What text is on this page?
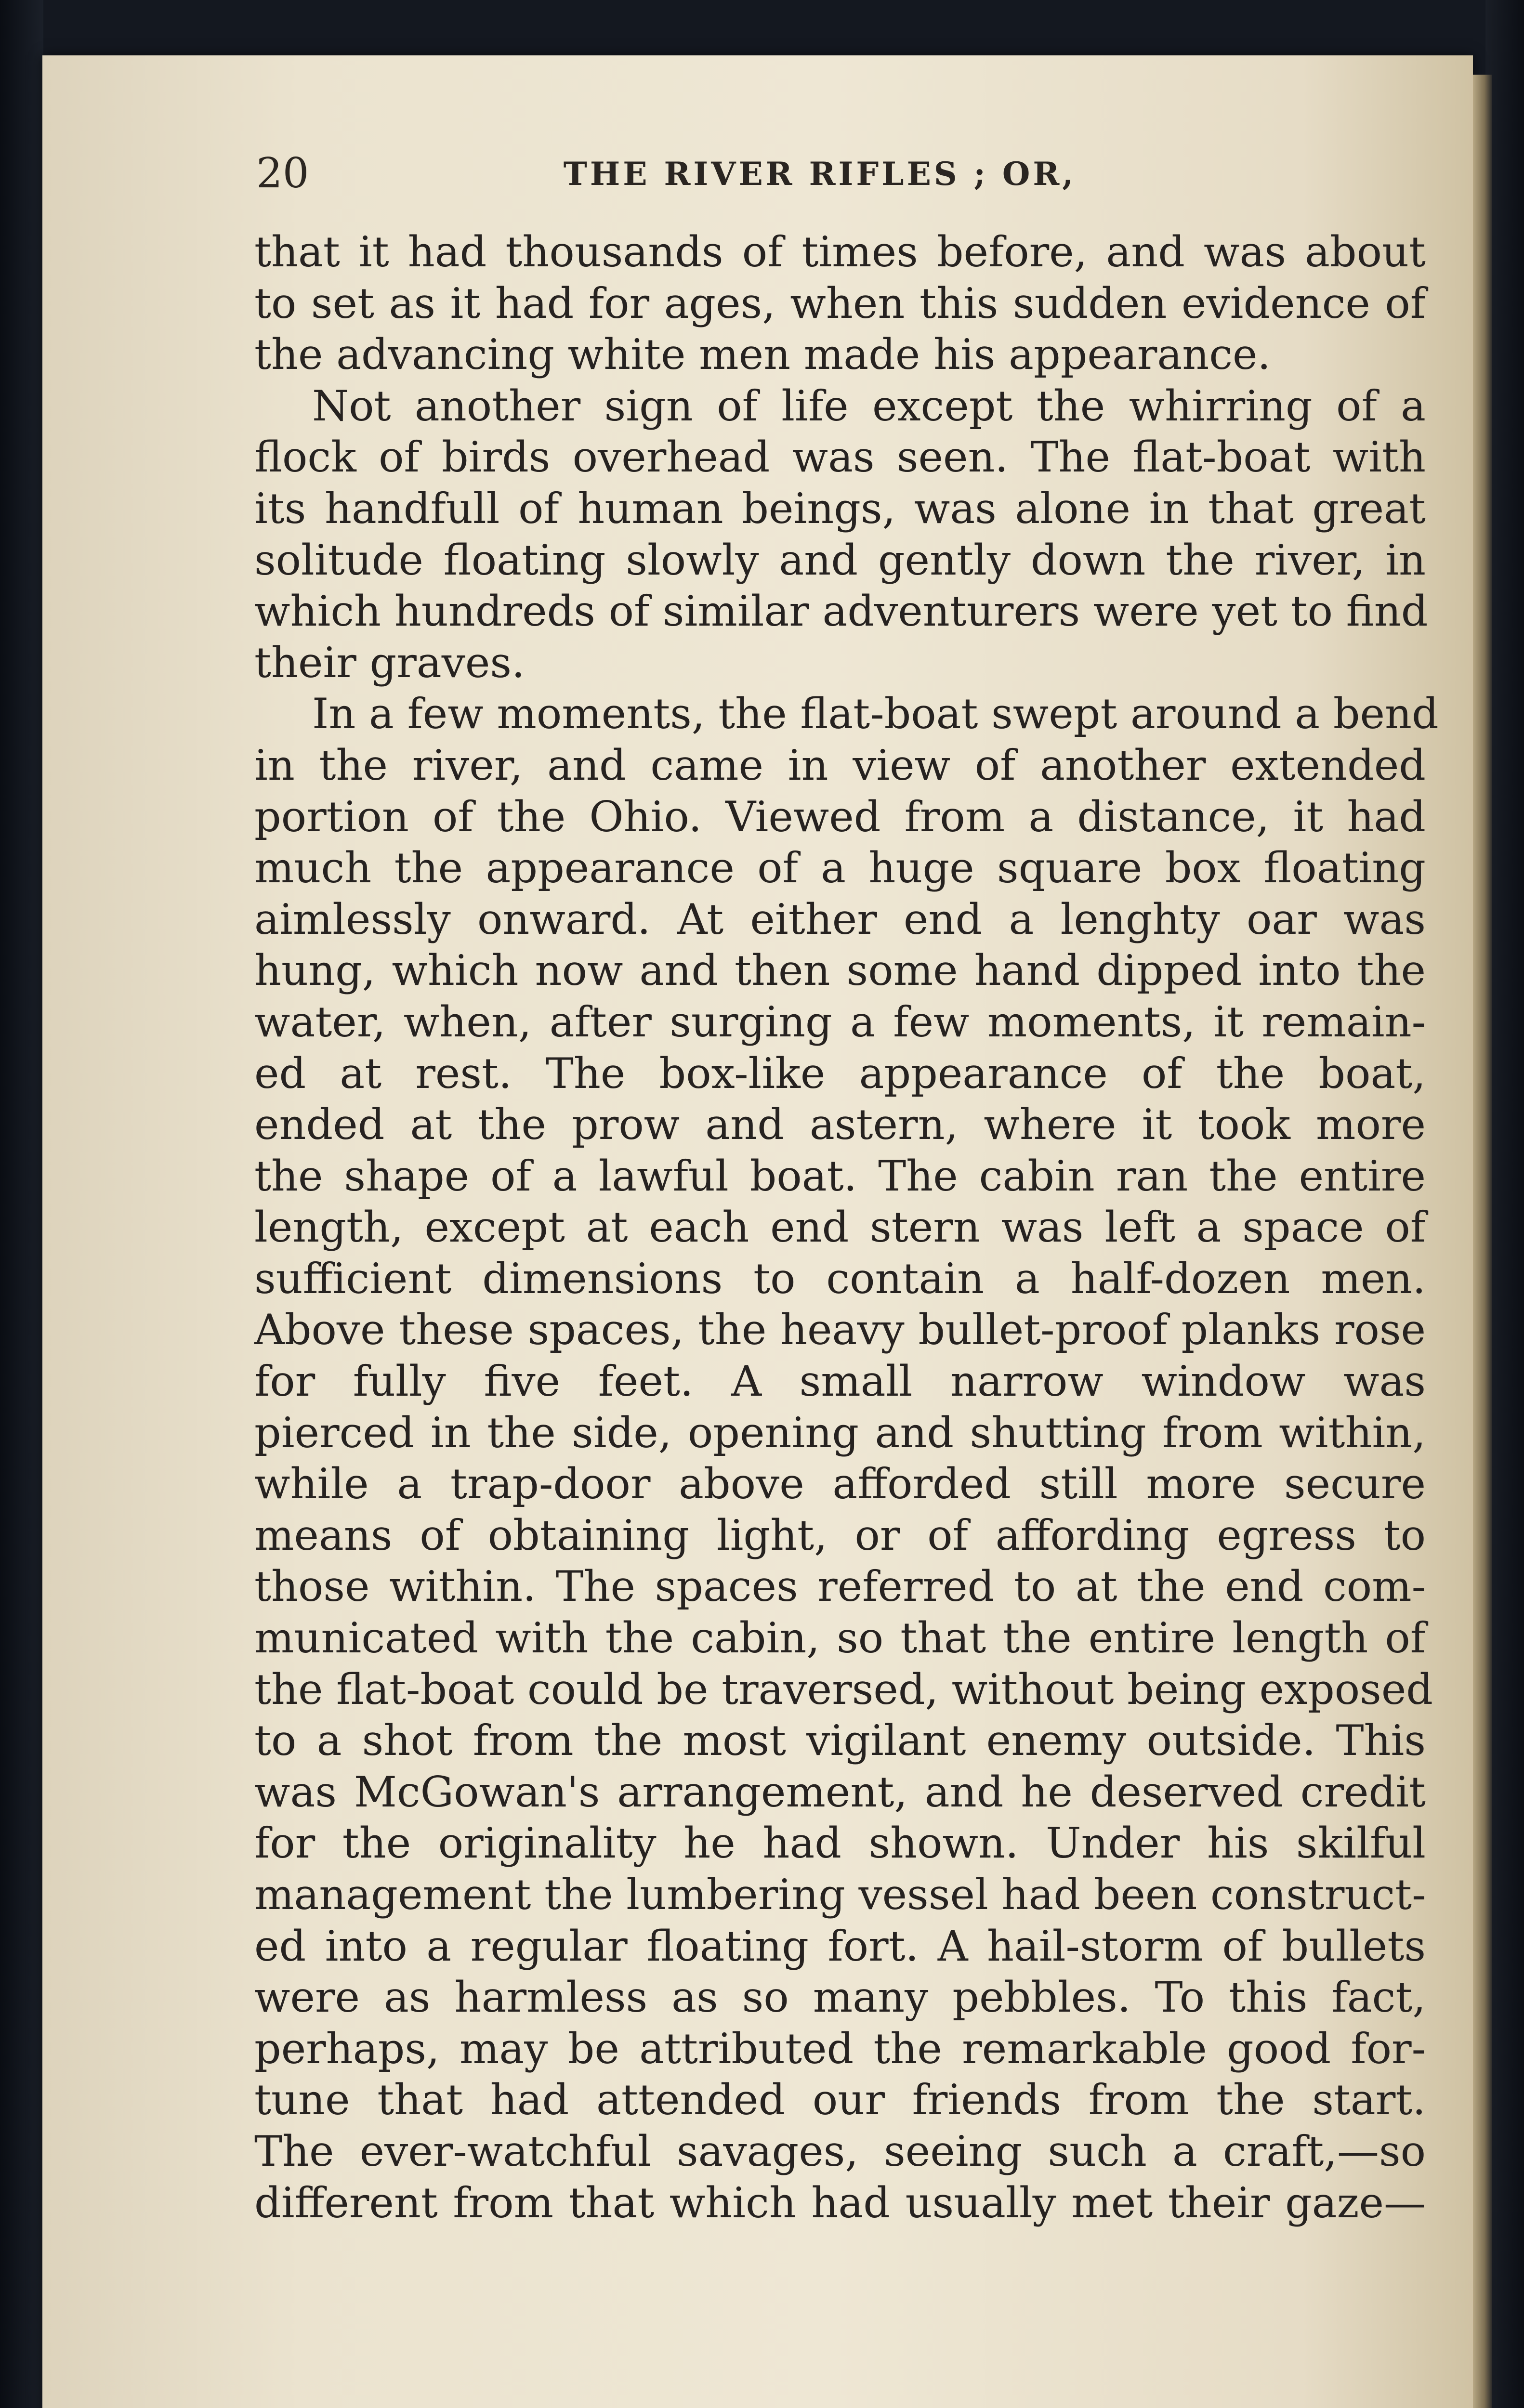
20	THE RIVER RIFLES ; OR,
that it had thousands of times before, and was about
to set as it had for ages, when this sudden evidence of
the advancing white men made his appearance.
Not another sign of life except the whirring of a
flock of birds overhead was seen. The flat-boat with
its handfull of human beings, was alone in that great
solitude floating slowly and gently down the river, in
which hundreds of similar adventurers were yet to find
their graves.
In a few moments, the flat-boat swept around a bend
in the river, and came in view of another extended
portion of the Ohio. Viewed from a distance, it had
much the appearance of a huge square box floating
aimlessly onward. At either end a lenghty oar was
hung, which now and then some hand dipped into the
water, when, after surging a few moments, it remain-
ed at rest. The box-like appearance of the boat,
ended at the prow and astern, where it took more
the shape of a lawful boat. The cabin ran the entire
length, except at each end stern was left a space of
sufficient dimensions to contain a half-dozen men.
Above these spaces, the heavy bullet-proof planks rose
for fully five feet. A small narrow window was
pierced in the side, opening and shutting from within,
while a trap-door above afforded still more secure
means of obtaining light, or of affording egress to
those within. The spaces referred to at the end com-
municated with the cabin, so that the entire length of
the flat-boat could be traversed, without being exposed
to a shot from the most vigilant enemy outside. This
was McGowan's arrangement, and he deserved credit
for the originality he had shown. Under his skilful
management the lumbering vessel had been construct-
ed into a regular floating fort. A hail-storm of bullets
were as harmless as so many pebbles. To this fact,
perhaps, may be attributed the remarkable good for-
tune that had attended our friends from the start.
The ever-watchful savages, seeing such a craft,—so
different from that which had usually met their gaze—
